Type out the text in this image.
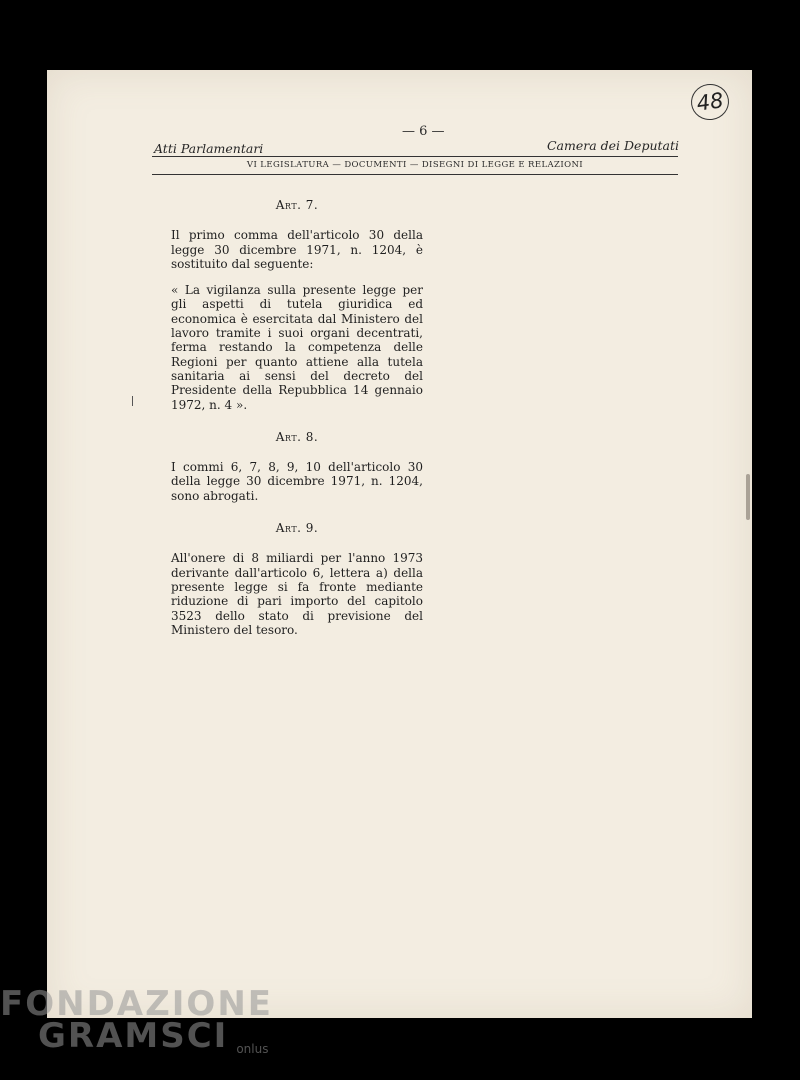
48
— 6 —
Atti Parlamentari	Camera dei Deputati
VI LEGISLATURA — DOCUMENTI — DISEGNI DI LEGGE E RELAZIONI
Art. 7.

Il primo comma dell'articolo 30 della legge 30 dicembre 1971, n. 1204, è sostituito dal seguente:

« La vigilanza sulla presente legge per gli aspetti di tutela giuridica ed economica è esercitata dal Ministero del lavoro tramite i suoi organi decentrati, ferma restando la competenza delle Regioni per quanto attiene alla tutela sanitaria ai sensi del decreto del Presidente della Repubblica 14 gennaio 1972, n. 4 ».

Art. 8.

I commi 6, 7, 8, 9, 10 dell'articolo 30 della legge 30 dicembre 1971, n. 1204, sono abrogati.

Art. 9.

All'onere di 8 miliardi per l'anno 1973 derivante dall'articolo 6, lettera a) della presente legge si fa fronte mediante riduzione di pari importo del capitolo 3523 dello stato di previsione del Ministero del tesoro.

FONDAZIONE
GRAMSCI onlus
